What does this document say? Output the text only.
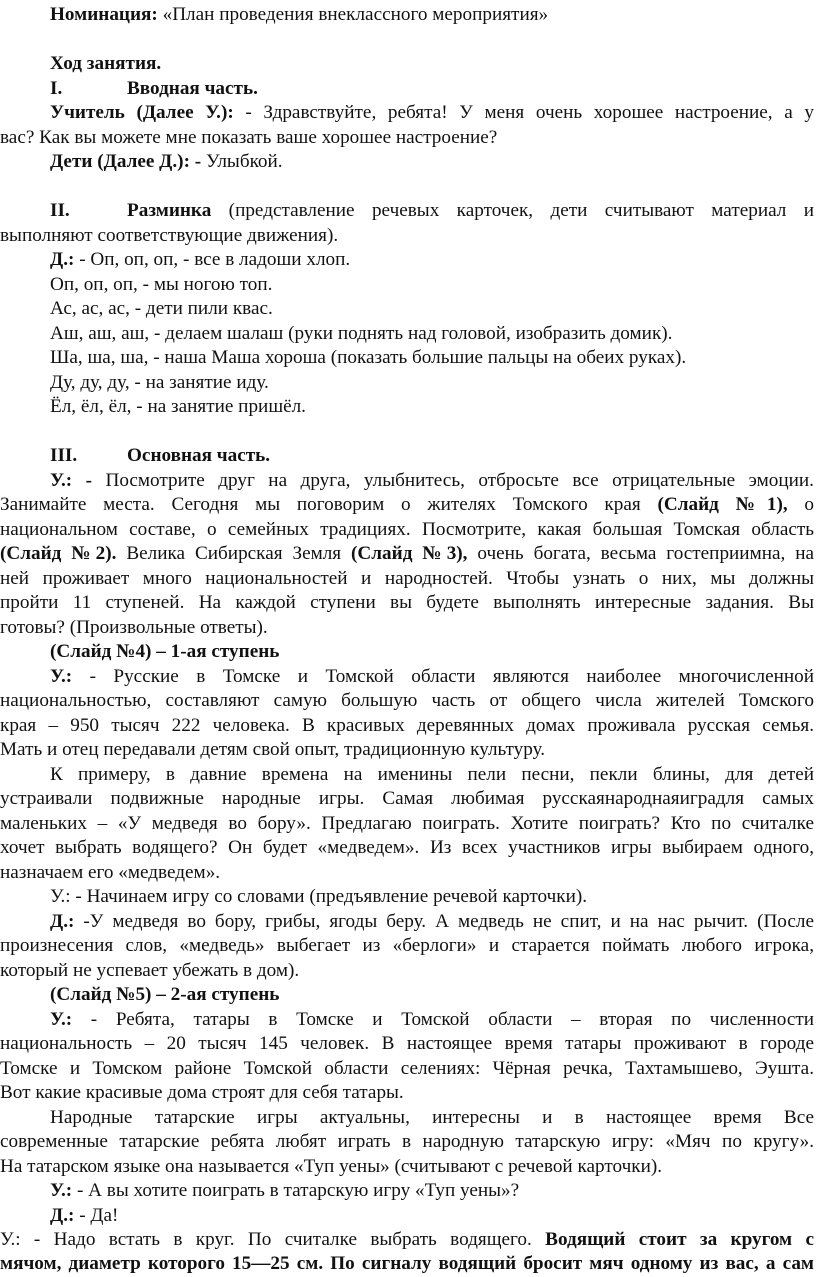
Номинация: «План проведения внеклассного мероприятия»
Ход занятия.
I.	Вводная часть.
Учитель (Далее У.): - Здравствуйте, ребята! У меня очень хорошее настроение, а у
вас? Как вы можете мне показать ваше хорошее настроение?
Дети (Далее Д.): - Улыбкой.
II.	Разминка (представление речевых карточек, дети считывают материал и
выполняют соответствующие движения).
Д.: - Оп, оп, оп, - все в ладоши хлоп.
Оп, оп, оп, - мы ногою топ.
Ас, ас, ас, - дети пили квас.
Аш, аш, аш, - делаем шалаш (руки поднять над головой, изобразить домик).
Ша, ша, ша, - наша Маша хороша (показать большие пальцы на обеих руках).
Ду, ду, ду, - на занятие иду.
Ёл, ёл, ёл, - на занятие пришёл.
III.	Основная часть.
У.: - Посмотрите друг на друга, улыбнитесь, отбросьте все отрицательные эмоции.
Занимайте места. Сегодня мы поговорим о жителях Томского края (Слайд №1), о
национальном составе, о семейных традициях. Посмотрите, какая большая Томская область
(Слайд №2). Велика Сибирская Земля (Слайд №3), очень богата, весьма гостеприимна, на
ней проживает много национальностей и народностей. Чтобы узнать о них, мы должны
пройти 11 ступеней. На каждой ступени вы будете выполнять интересные задания. Вы
готовы? (Произвольные ответы).
(Слайд №4) – 1-ая ступень
У.: - Русские в Томске и Томской области являются наиболее многочисленной
национальностью, составляют самую большую часть от общего числа жителей Томского
края – 950 тысяч 222 человека. В красивых деревянных домах проживала русская семья.
Мать и отец передавали детям свой опыт, традиционную культуру.
К примеру, в давние времена на именины пели песни, пекли блины, для детей
устраивали подвижные народные игры. Самая любимая русскаянароднаяиградля самых
маленьких – «У медведя во бору». Предлагаю поиграть. Хотите поиграть? Кто по считалке
хочет выбрать водящего? Он будет «медведем». Из всех участников игры выбираем одного,
назначаем его «медведем».
У.: - Начинаем игру со словами (предъявление речевой карточки).
Д.: -У медведя во бору, грибы, ягоды беру. А медведь не спит, и на нас рычит. (После
произнесения слов, «медведь» выбегает из «берлоги» и старается поймать любого игрока,
который не успевает убежать в дом).
(Слайд №5) – 2-ая ступень
У.: - Ребята, татары в Томске и Томской области – вторая по численности
национальность – 20 тысяч 145 человек. В настоящее время татары проживают в городе
Томске и Томском районе Томской области селениях: Чёрная речка, Тахтамышево, Эушта.
Вот какие красивые дома строят для себя татары.
Народные татарские игры актуальны, интересны и в настоящее время Все
современные татарские ребята любят играть в народную татарскую игру: «Мяч по кругу».
На татарском языке она называется «Туп уены» (считывают с речевой карточки).
У.: - А вы хотите поиграть в татарскую игру «Туп уены»?
Д.: - Да!
У.: - Надо встать в круг. По считалке выбрать водящего. Водящий стоит за кругом с
мячом, диаметр которого 15—25 см. По сигналу водящий бросит мяч одному из вас, а сам
